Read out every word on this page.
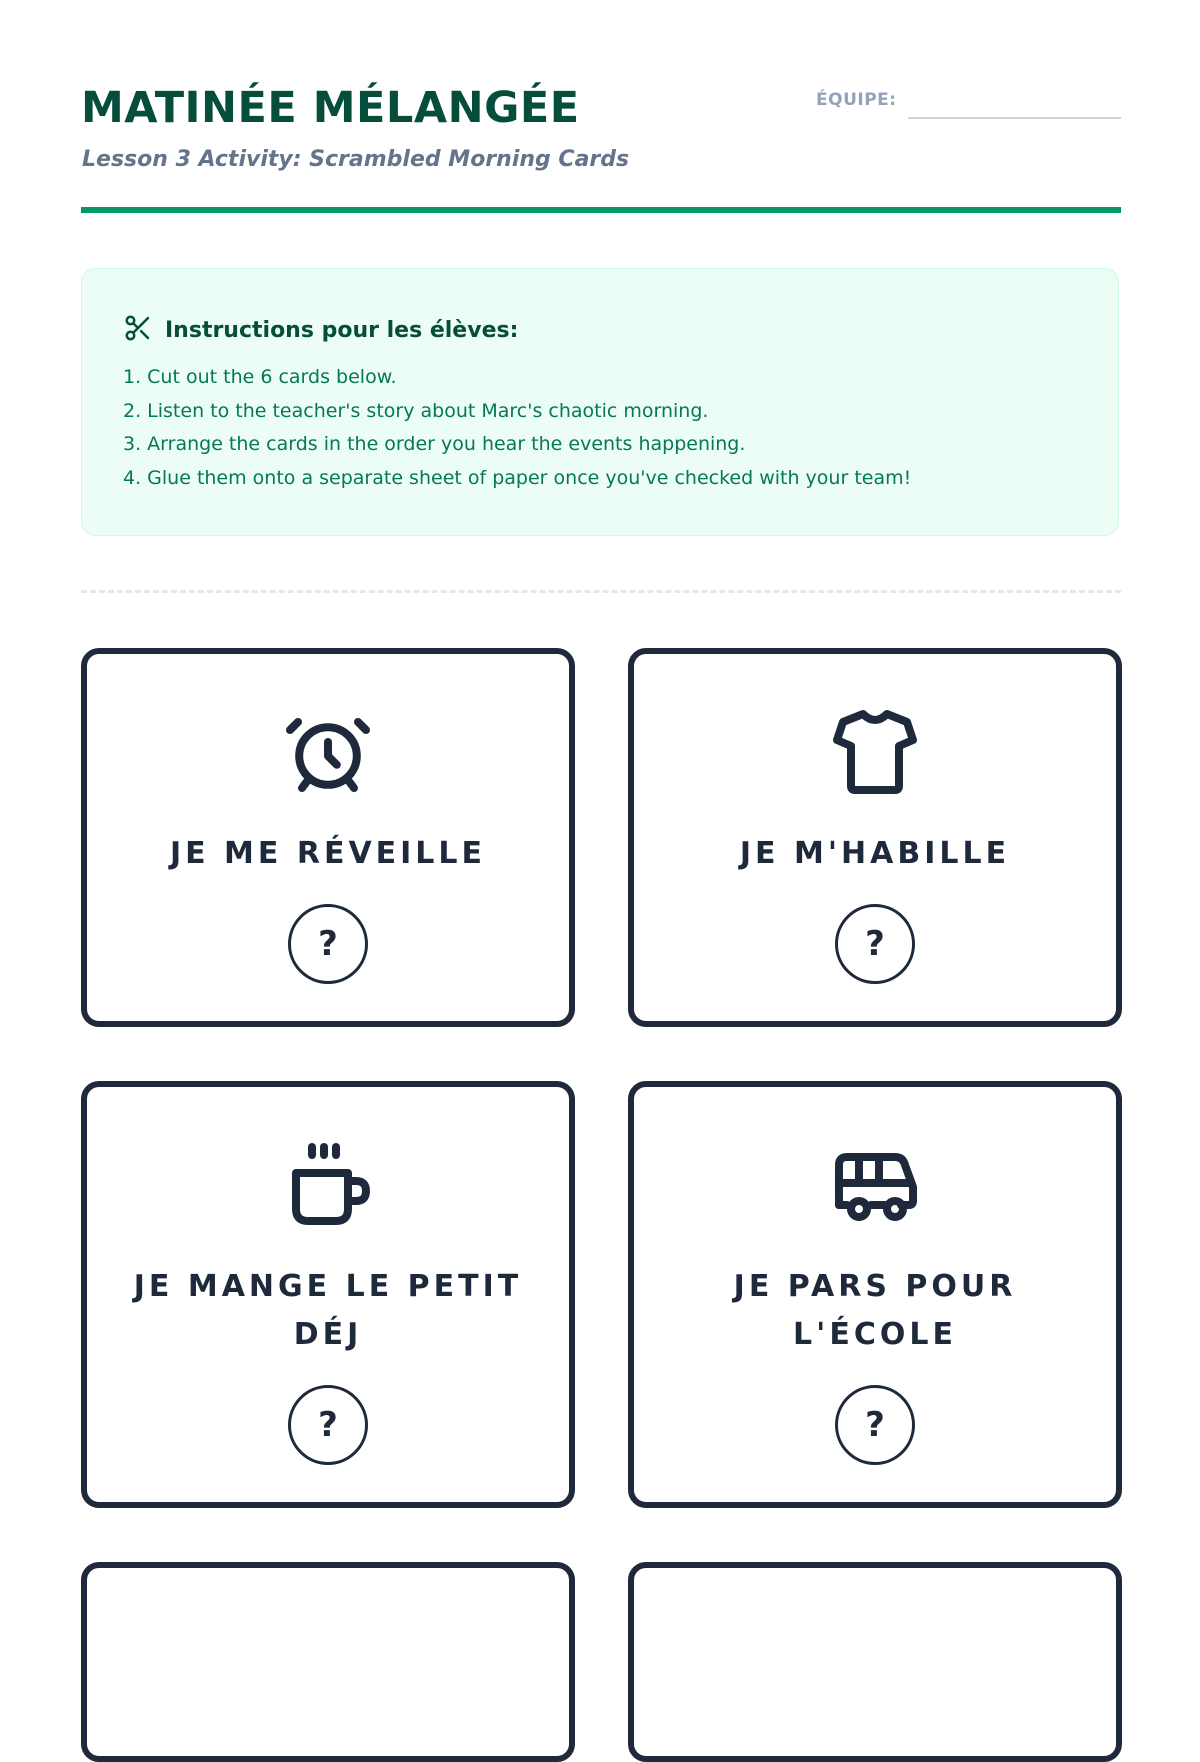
MATINÉE MÉLANGÉE
Lesson 3 Activity: Scrambled Morning Cards
ÉQUIPE:
Instructions pour les élèves:
1. Cut out the 6 cards below.
2. Listen to the teacher's story about Marc's chaotic morning.
3. Arrange the cards in the order you hear the events happening.
4. Glue them onto a separate sheet of paper once you've checked with your team!
JE ME RÉVEILLE
?
JE M'HABILLE
?
JE MANGE LE PETIT DÉJ
?
JE PARS POUR L'ÉCOLE
?
